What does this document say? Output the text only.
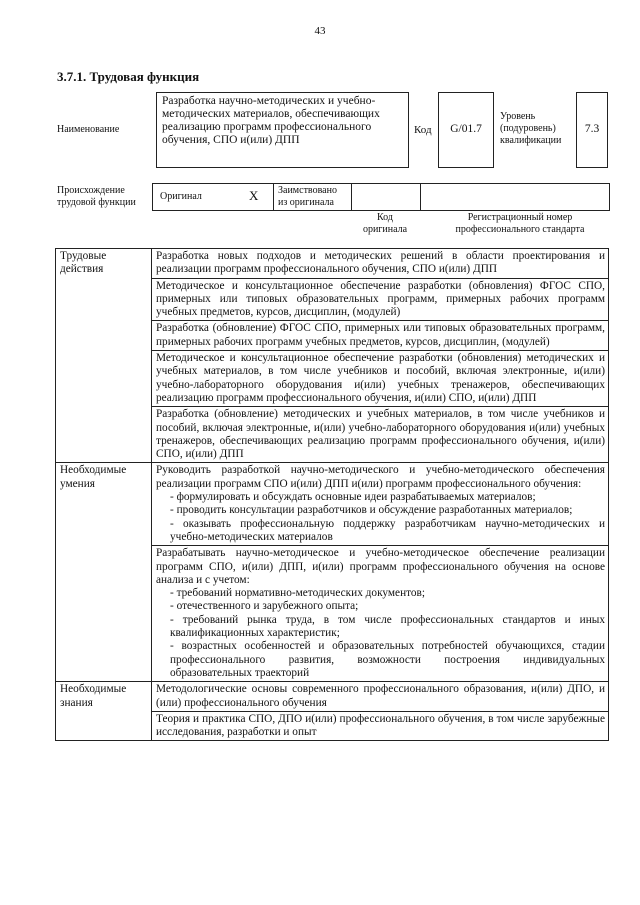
43
3.7.1. Трудовая функция
Наименование
Разработка научно-методических и учебно-методических материалов, обеспечивающих реализацию программ профессионального обучения, СПО и(или) ДПП
Код	G/01.7
Уровень (подуровень) квалификации
7.3
Происхождение трудовой функции
Оригинал	X Заимствовано из оригинала
Код оригинала
Регистрационный номер профессионального стандарта
Трудовые действия	Разработка новых подходов и методических решений в области проектирования и реализации программ профессионального обучения, СПО и(или) ДПП
	Методическое и консультационное обеспечение разработки (обновления) ФГОС СПО, примерных или типовых образовательных программ, примерных рабочих программ учебных предметов, курсов, дисциплин, (модулей)
	Разработка (обновление) ФГОС СПО, примерных или типовых образовательных программ, примерных рабочих программ учебных предметов, курсов, дисциплин, (модулей)
	Методическое и консультационное обеспечение разработки (обновления) методических и учебных материалов, в том числе учебников и пособий, включая электронные, и(или) учебно-лабораторного оборудования и(или) учебных тренажеров, обеспечивающих реализацию программ профессионального обучения, и(или) СПО, и(или) ДПП
	Разработка (обновление) методических и учебных материалов, в том числе учебников и пособий, включая электронные, и(или) учебно-лабораторного оборудования и(или) учебных тренажеров, обеспечивающих реализацию программ профессионального обучения, и(или) СПО, и(или) ДПП
Необходимые умения	Руководить разработкой научно-методического и учебно-методического обеспечения реализации программ СПО и(или) ДПП и(или) программ профессионального обучения:
- формулировать и обсуждать основные идеи разрабатываемых материалов;
- проводить консультации разработчиков и обсуждение разработанных материалов;
- оказывать профессиональную поддержку разработчикам научно-методических и учебно-методических материалов

	Разрабатывать научно-методическое и учебно-методическое обеспечение реализации программ СПО, и(или) ДПП, и(или) программ профессионального обучения на основе анализа и с учетом:
- требований нормативно-методических документов;
- отечественного и зарубежного опыта;
- требований рынка труда, в том числе профессиональных стандартов и иных квалификационных характеристик;
- возрастных особенностей и образовательных потребностей обучающихся, стадии профессионального развития, возможности построения индивидуальных образовательных траекторий

Необходимые знания	Методологические основы современного профессионального образования, и(или) ДПО, и (или) профессионального обучения
	Теория и практика СПО, ДПО и(или) профессионального обучения, в том числе зарубежные исследования, разработки и опыт
